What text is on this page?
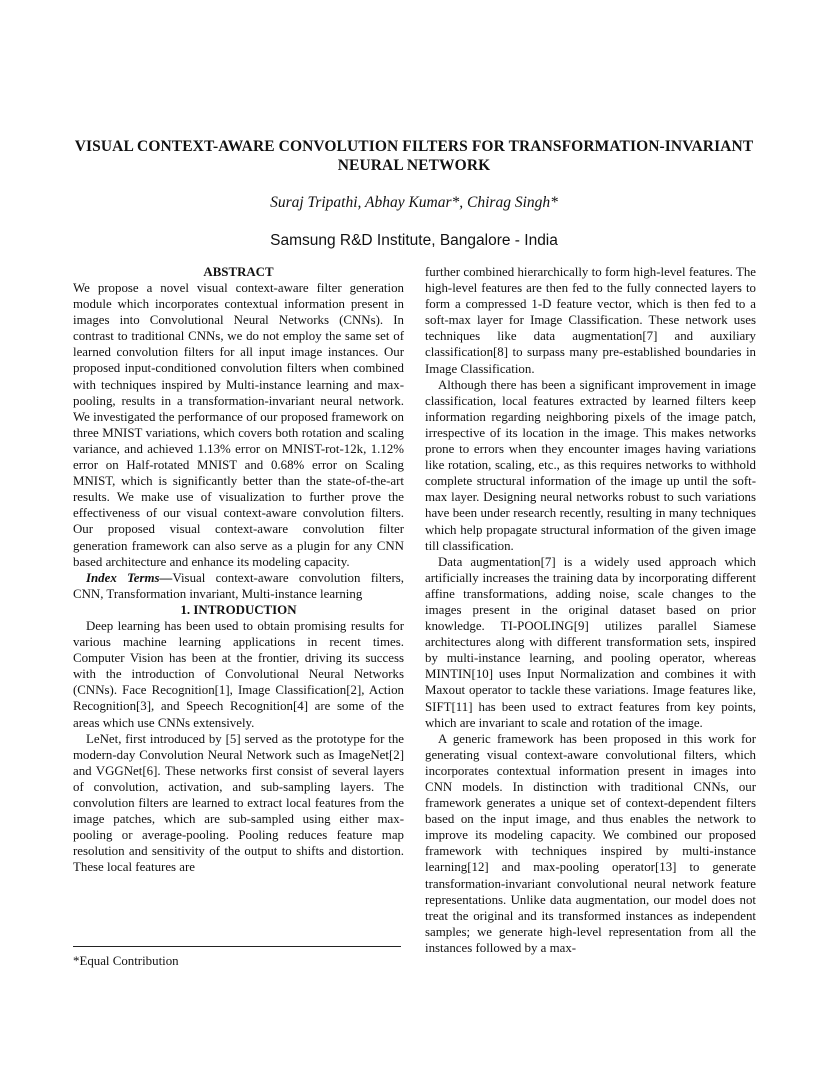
VISUAL CONTEXT-AWARE CONVOLUTION FILTERS FOR TRANSFORMATION-INVARIANT NEURAL NETWORK
Suraj Tripathi, Abhay Kumar*, Chirag Singh*
Samsung R&D Institute, Bangalore - India

ABSTRACT

We propose a novel visual context-aware filter generation module which incorporates contextual information present in images into Convolutional Neural Networks (CNNs). In contrast to traditional CNNs, we do not employ the same set of learned convolution filters for all input image instances. Our proposed input-conditioned convolution filters when combined with techniques inspired by Multi-instance learning and max-pooling, results in a transformation-invariant neural network. We investigated the performance of our proposed framework on three MNIST variations, which covers both rotation and scaling variance, and achieved 1.13% error on MNIST-rot-12k, 1.12% error on Half-rotated MNIST and 0.68% error on Scaling MNIST, which is significantly better than the state-of-the-art results. We make use of visualization to further prove the effectiveness of our visual context-aware convolution filters. Our proposed visual context-aware convolution filter generation framework can also serve as a plugin for any CNN based architecture and enhance its modeling capacity.

Index Terms—Visual context-aware convolution filters, CNN, Transformation invariant, Multi-instance learning

1. INTRODUCTION

Deep learning has been used to obtain promising results for various machine learning applications in recent times. Computer Vision has been at the frontier, driving its success with the introduction of Convolutional Neural Networks (CNNs). Face Recognition[1], Image Classification[2], Action Recognition[3], and Speech Recognition[4] are some of the areas which use CNNs extensively.

LeNet, first introduced by [5] served as the prototype for the modern-day Convolution Neural Network such as ImageNet[2] and VGGNet[6]. These networks first consist of several layers of convolution, activation, and sub-sampling layers. The convolution filters are learned to extract local features from the image patches, which are sub-sampled using either max-pooling or average-pooling. Pooling reduces feature map resolution and sensitivity of the output to shifts and distortion. These local features are

further combined hierarchically to form high-level features. The high-level features are then fed to the fully connected layers to form a compressed 1-D feature vector, which is then fed to a soft-max layer for Image Classification. These network uses techniques like data augmentation[7] and auxiliary classification[8] to surpass many pre-established boundaries in Image Classification.

Although there has been a significant improvement in image classification, local features extracted by learned filters keep information regarding neighboring pixels of the image patch, irrespective of its location in the image. This makes networks prone to errors when they encounter images having variations like rotation, scaling, etc., as this requires networks to withhold complete structural information of the image up until the soft-max layer. Designing neural networks robust to such variations have been under research recently, resulting in many techniques which help propagate structural information of the given image till classification.

Data augmentation[7] is a widely used approach which artificially increases the training data by incorporating different affine transformations, adding noise, scale changes to the images present in the original dataset based on prior knowledge. TI-POOLING[9] utilizes parallel Siamese architectures along with different transformation sets, inspired by multi-instance learning, and pooling operator, whereas MINTIN[10] uses Input Normalization and combines it with Maxout operator to tackle these variations. Image features like, SIFT[11] has been used to extract features from key points, which are invariant to scale and rotation of the image.

A generic framework has been proposed in this work for generating visual context-aware convolutional filters, which incorporates contextual information present in images into CNN models. In distinction with traditional CNNs, our framework generates a unique set of context-dependent filters based on the input image, and thus enables the network to improve its modeling capacity. We combined our proposed framework with techniques inspired by multi-instance learning[12] and max-pooling operator[13] to generate transformation-invariant convolutional neural network feature representations. Unlike data augmentation, our model does not treat the original and its transformed instances as independent samples; we generate high-level representation from all the instances followed by a max-

*Equal Contribution
